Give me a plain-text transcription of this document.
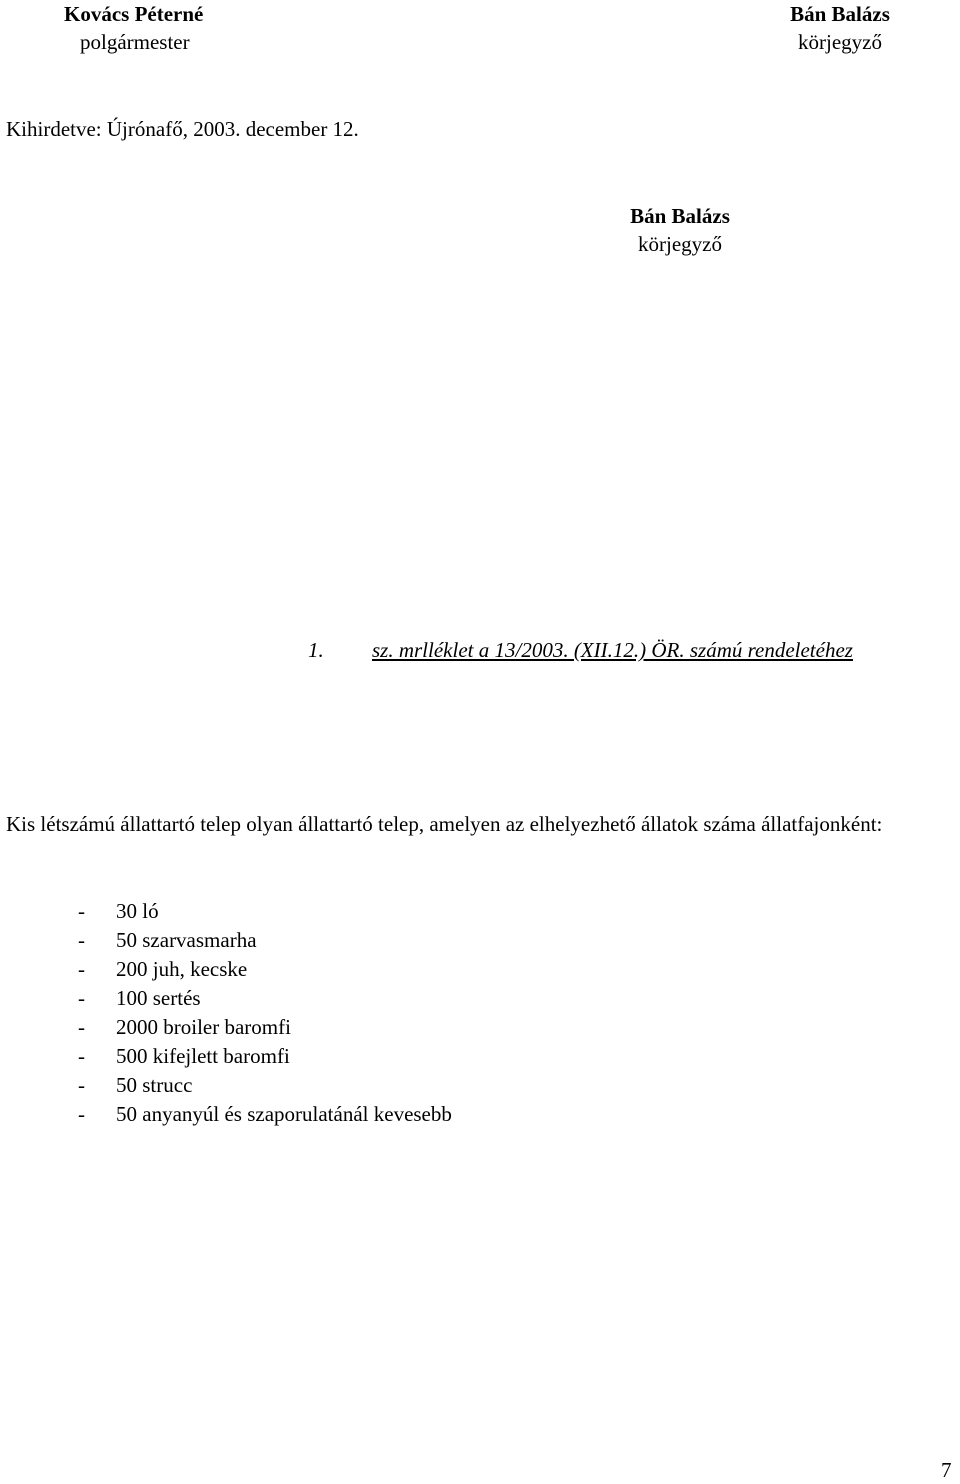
Kovács Péterné
polgármester
Bán Balázs
körjegyző
Kihirdetve: Újrónafő, 2003. december 12.
Bán Balázs
körjegyző
1. sz. mrlléklet a 13/2003. (XII.12.) ÖR. számú rendeletéhez
Kis létszámú állattartó telep olyan állattartó telep, amelyen az elhelyezhető állatok száma állatfajonként:
- 30 ló
- 50 szarvasmarha
- 200 juh, kecske
- 100 sertés
- 2000 broiler baromfi
- 500 kifejlett baromfi
- 50 strucc
- 50 anyanyúl és szaporulatánál kevesebb
7
